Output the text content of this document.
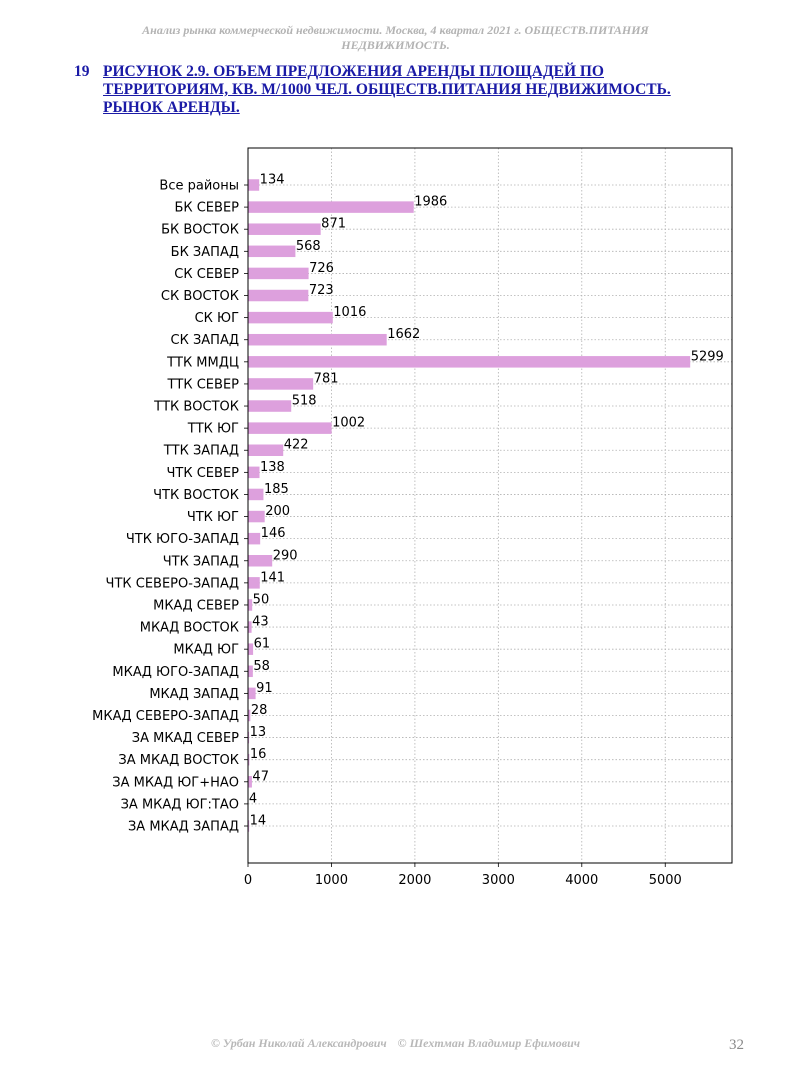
Анализ рынка коммерческой недвижимости. Москва, 4 квартал 2021 г. ОБЩЕСТВ.ПИТАНИЯ
НЕДВИЖИМОСТЬ.
19 РИСУНОК 2.9. ОБЪЕМ ПРЕДЛОЖЕНИЯ АРЕНДЫ ПЛОЩАДЕЙ ПО
ТЕРРИТОРИЯМ, КВ. М/1000 ЧЕЛ. ОБЩЕСТВ.ПИТАНИЯ НЕДВИЖИМОСТЬ.
РЫНОК АРЕНДЫ.
Все районы 134
БК СЕВЕР	1986
БК ВОСТОК	871
БК ЗАПАД	568
СК СЕВЕР	726
СК ВОСТОК	723
СК ЮГ	1016
СК ЗАПАД	1662
ТТК ММДЦ	5299
ТТК СЕВЕР	781
ТТК ВОСТОК	518
ТТК ЮГ	1002
ТТК ЗАПАД	422
ЧТК СЕВЕР 138
ЧТК ВОСТОК 185
ЧТК ЮГ 200
ЧТК ЮГО-ЗАПАД 146
ЧТК ЗАПАД	290
ЧТК СЕВЕРО-ЗАПАД 141
МКАД СЕВЕР 50
МКАД ВОСТОК 43
МКАД ЮГ 61
МКАД ЮГО-ЗАПАД 58
МКАД ЗАПАД 91
МКАД СЕВЕРО-ЗАПАД 28
ЗА МКАД СЕВЕР 13
ЗА МКАД ВОСТОК 16
ЗА МКАД ЮГ+НАО 47
ЗА МКАД ЮГ:ТАО 4
ЗА МКАД ЗАПАД 14
0	1000	2000	3000	4000	5000
© Урбан Николай Александрович © Шехтман Владимир Ефимович	32
